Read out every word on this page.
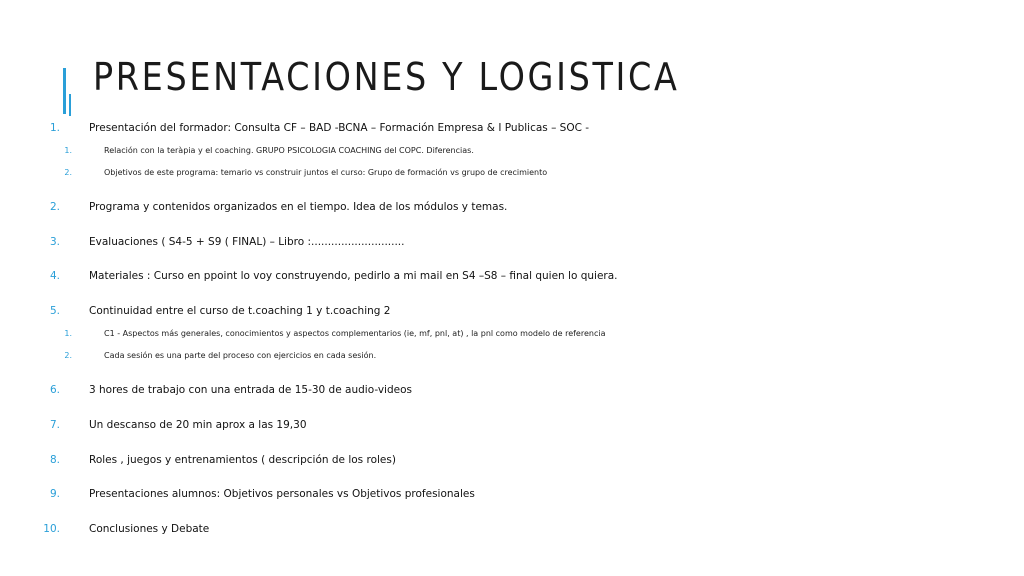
PRESENTACIONES Y LOGISTICA
1.	Presentación del formador: Consulta CF – BAD -BCNA – Formación Empresa & I Publicas – SOC -
1.	Relación con la teràpia y el coaching. GRUPO PSICOLOGIA COACHING del COPC. Diferencias.
2.	Objetivos de este programa: temario vs construir juntos el curso: Grupo de formación vs grupo de crecimiento
2.	Programa y contenidos organizados en el tiempo. Idea de los módulos y temas.
3.	Evaluaciones ( S4-5 + S9 ( FINAL) – Libro :............................
4.	Materiales : Curso en ppoint lo voy construyendo, pedirlo a mi mail en S4 –S8 – final quien lo quiera.
5.	Continuidad entre el curso de t.coaching 1 y t.coaching 2
1.	C1 - Aspectos más generales, conocimientos y aspectos complementarios (ie, mf, pnl, at) , la pnl como modelo de referencia
2.	Cada sesión es una parte del proceso con ejercicios en cada sesión.
6.	3 hores de trabajo con una entrada de 15-30 de audio-videos
7.	Un descanso de 20 min aprox a las 19,30
8.	Roles , juegos y entrenamientos ( descripción de los roles)
9.	Presentaciones alumnos: Objetivos personales vs Objetivos profesionales
10.	Conclusiones y Debate
